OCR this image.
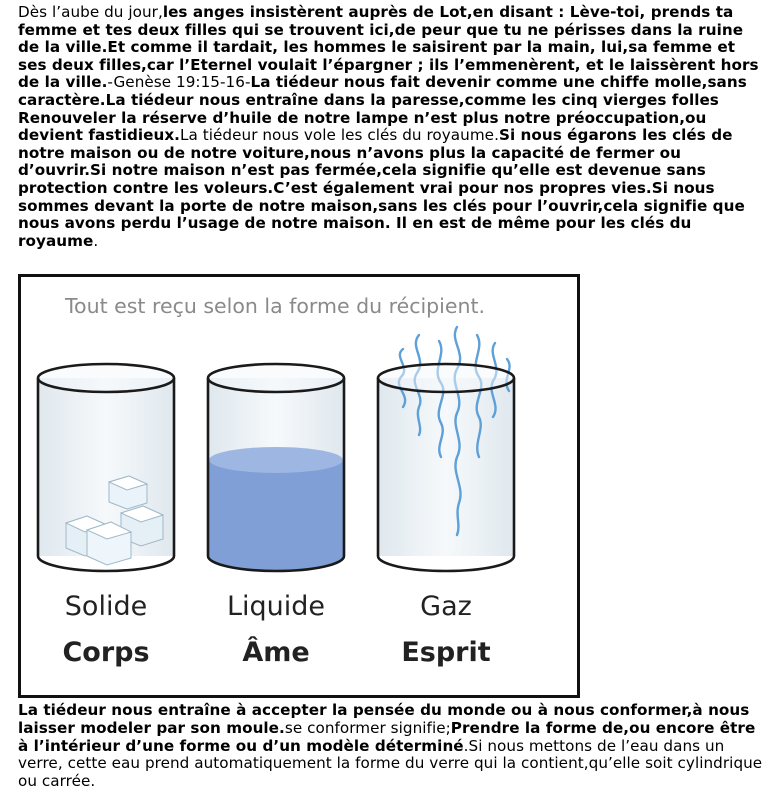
Dès l’aube du jour,les anges insistèrent auprès de Lot,en disant : Lève-toi, prends ta femme et tes deux filles qui se trouvent ici,de peur que tu ne périsses dans la ruine de la ville.Et comme il tardait, les hommes le saisirent par la main, lui,sa femme et ses deux filles,car l’Eternel voulait l’épargner ; ils l’emmenèrent, et le laissèrent hors de la ville.-Genèse 19:15-16-La tiédeur nous fait devenir comme une chiffe molle,sans caractère.La tiédeur nous entraîne dans la paresse,comme les cinq vierges folles Renouveler la réserve d’huile de notre lampe n’est plus notre préoccupation,ou devient fastidieux.La tiédeur nous vole les clés du royaume.Si nous égarons les clés de notre maison ou de notre voiture,nous n’avons plus la capacité de fermer ou d’ouvrir.Si notre maison n’est pas fermée,cela signifie qu’elle est devenue sans protection contre les voleurs.C’est également vrai pour nos propres vies.Si nous sommes devant la porte de notre maison,sans les clés pour l’ouvrir,cela signifie que nous avons perdu l’usage de notre maison. Il en est de même pour les clés du royaume.
Tout est reçu selon la forme du récipient.
Solide
Corps
Liquide
Âme
Gaz
Esprit
La tiédeur nous entraîne à accepter la pensée du monde ou à nous conformer,à nous laisser modeler par son moule.se conformer signifie;Prendre la forme de,ou encore être à l’intérieur d’une forme ou d’un modèle déterminé.Si nous mettons de l’eau dans un verre, cette eau prend automatiquement la forme du verre qui la contient,qu’elle soit cylindrique ou carrée.
